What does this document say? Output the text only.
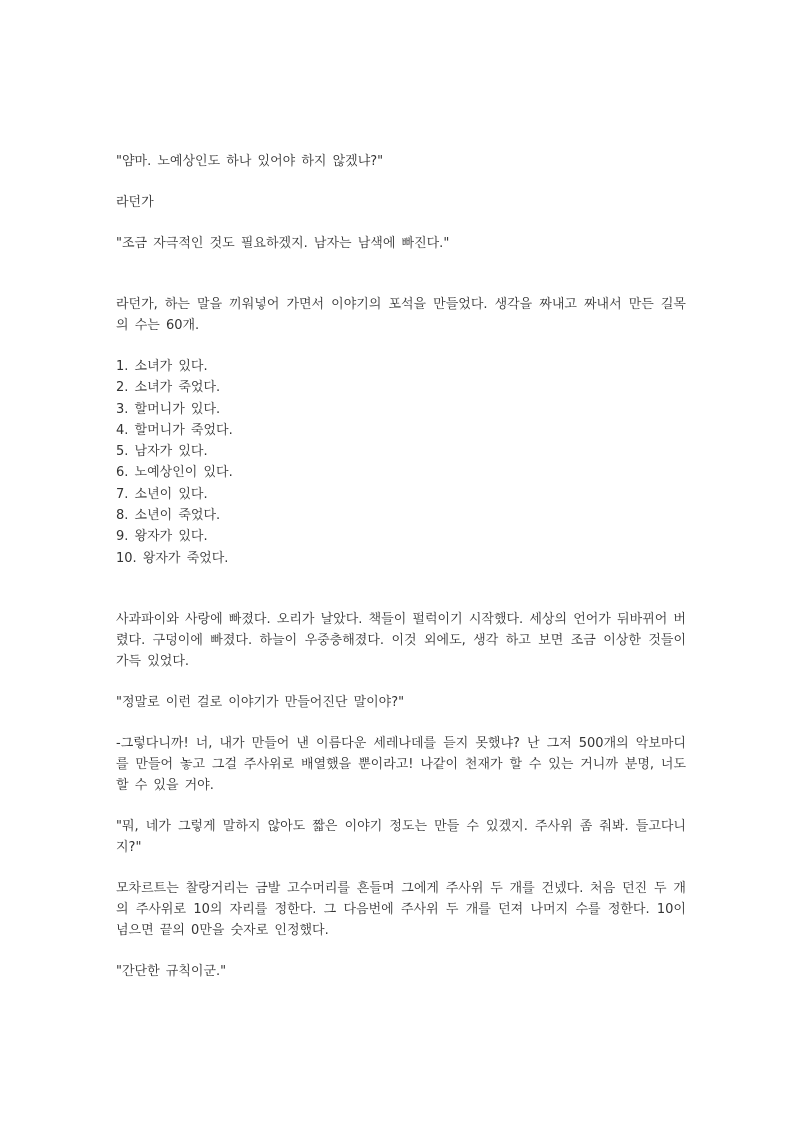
"얌마. 노예상인도 하나 있어야 하지 않겠냐?"

라던가

"조금 자극적인 것도 필요하겠지. 남자는 남색에 빠진다."

라던가, 하는 말을 끼워넣어 가면서 이야기의 포석을 만들었다. 생각을 짜내고 짜내서 만든 길목의 수는 60개.

1. 소녀가 있다.
2. 소녀가 죽었다.
3. 할머니가 있다.
4. 할머니가 죽었다.
5. 남자가 있다.
6. 노예상인이 있다.
7. 소년이 있다.
8. 소년이 죽었다.
9. 왕자가 있다.
10. 왕자가 죽었다.

사과파이와 사랑에 빠졌다. 오리가 날았다. 책들이 펄럭이기 시작했다. 세상의 언어가 뒤바뀌어 버렸다. 구덩이에 빠졌다. 하늘이 우중충해졌다. 이것 외에도, 생각 하고 보면 조금 이상한 것들이 가득 있었다.

"정말로 이런 걸로 이야기가 만들어진단 말이야?"

-그렇다니까! 너, 내가 만들어 낸 이름다운 세레나데를 듣지 못했냐? 난 그저 500개의 악보마디를 만들어 놓고 그걸 주사위로 배열했을 뿐이라고! 나같이 천재가 할 수 있는 거니까 분명, 너도 할 수 있을 거야.

"뭐, 네가 그렇게 말하지 않아도 짧은 이야기 정도는 만들 수 있겠지. 주사위 좀 줘봐. 들고다니지?"

모차르트는 찰랑거리는 금발 고수머리를 흔들며 그에게 주사위 두 개를 건넸다. 처음 던진 두 개의 주사위로 10의 자리를 정한다. 그 다음번에 주사위 두 개를 던져 나머지 수를 정한다. 10이 넘으면 끝의 0만을 숫자로 인정했다.

"간단한 규칙이군."
